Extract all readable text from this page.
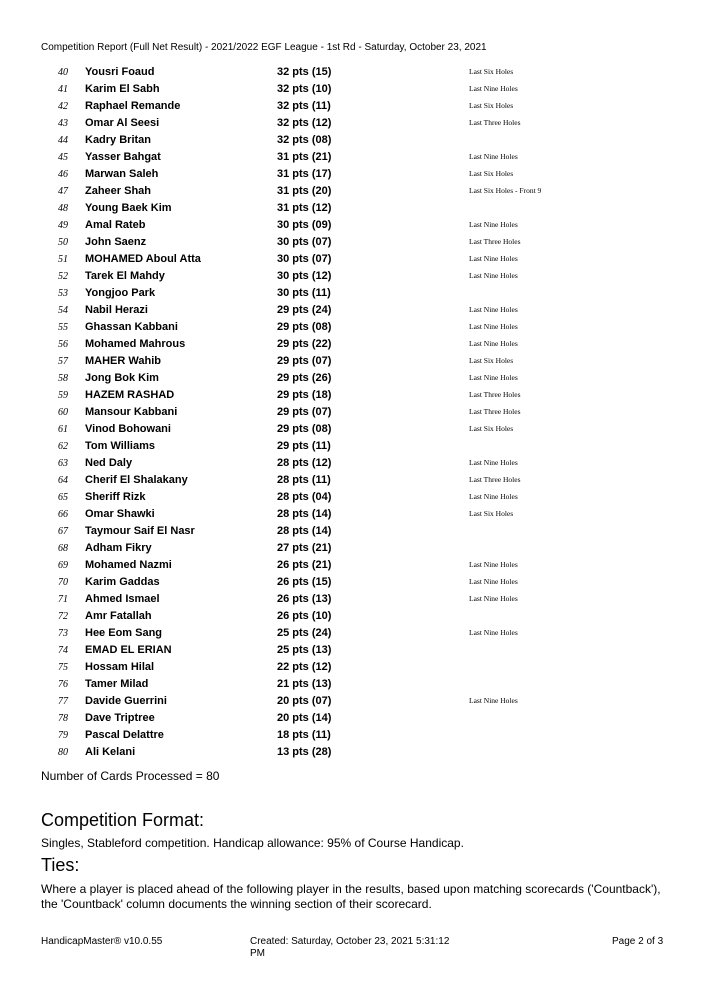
Competition Report (Full Net Result) - 2021/2022 EGF League - 1st Rd - Saturday, October 23, 2021
40 Yousri Foaud	32 pts (15)	Last Six Holes
41 Karim El Sabh	32 pts (10)	Last Nine Holes
42 Raphael Remande	32 pts (11)	Last Six Holes
43 Omar Al Seesi	32 pts (12)	Last Three Holes
44 Kadry Britan	32 pts (08)
45 Yasser Bahgat	31 pts (21)	Last Nine Holes
46 Marwan Saleh	31 pts (17)	Last Six Holes
47 Zaheer Shah	31 pts (20)	Last Six Holes - Front 9
48 Young Baek Kim	31 pts (12)
49 Amal Rateb	30 pts (09)	Last Nine Holes
50 John Saenz	30 pts (07)	Last Three Holes
51 MOHAMED Aboul Atta	30 pts (07)	Last Nine Holes
52 Tarek El Mahdy	30 pts (12)	Last Nine Holes
53 Yongjoo Park	30 pts (11)
54 Nabil Herazi	29 pts (24)	Last Nine Holes
55 Ghassan Kabbani	29 pts (08)	Last Nine Holes
56 Mohamed Mahrous	29 pts (22)	Last Nine Holes
57 MAHER Wahib	29 pts (07)	Last Six Holes
58 Jong Bok Kim	29 pts (26)	Last Nine Holes
59 HAZEM RASHAD	29 pts (18)	Last Three Holes
60 Mansour Kabbani	29 pts (07)	Last Three Holes
61 Vinod Bohowani	29 pts (08)	Last Six Holes
62 Tom Williams	29 pts (11)
63 Ned Daly	28 pts (12)	Last Nine Holes
64 Cherif El Shalakany	28 pts (11)	Last Three Holes
65 Sheriff Rizk	28 pts (04)	Last Nine Holes
66 Omar Shawki	28 pts (14)	Last Six Holes
67 Taymour Saif El Nasr	28 pts (14)
68 Adham Fikry	27 pts (21)
69 Mohamed Nazmi	26 pts (21)	Last Nine Holes
70 Karim Gaddas	26 pts (15)	Last Nine Holes
71 Ahmed Ismael	26 pts (13)	Last Nine Holes
72 Amr Fatallah	26 pts (10)
73 Hee Eom Sang	25 pts (24)	Last Nine Holes
74 EMAD EL ERIAN	25 pts (13)
75 Hossam Hilal	22 pts (12)
76 Tamer Milad	21 pts (13)
77 Davide Guerrini	20 pts (07)	Last Nine Holes
78 Dave Triptree	20 pts (14)
79 Pascal Delattre	18 pts (11)
80 Ali Kelani	13 pts (28)
Number of Cards Processed = 80
Competition Format:
Singles, Stableford competition. Handicap allowance: 95% of Course Handicap.
Ties:
Where a player is placed ahead of the following player in the results, based upon matching scorecards ('Countback'), the 'Countback' column documents the winning section of their scorecard.
HandicapMaster® v10.0.55	Created: Saturday, October 23, 2021 5:31:12 PM
Page 2 of 3
